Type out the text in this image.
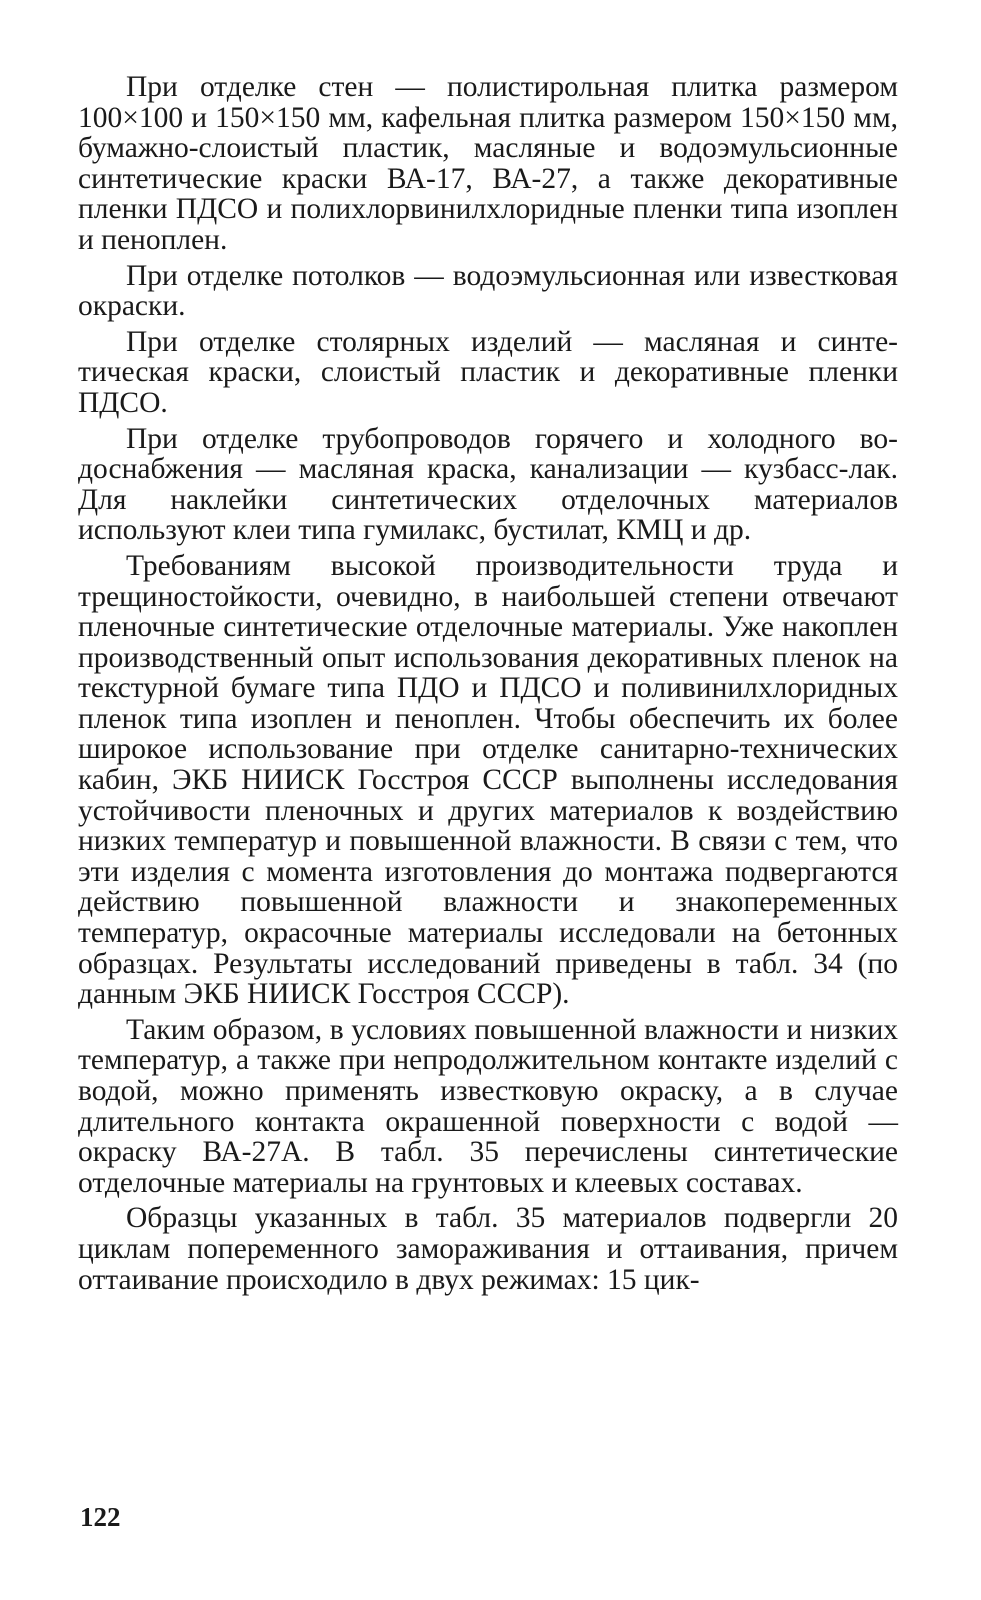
При отделке стен — полистирольная плитка размером 100×100 и 150×150 мм, кафельная плитка размером 150×150 мм, бумажно-слоистый пластик, масляные и водоэмульсионные синтетические краски ВА-17, ВА-27, а также декоративные пленки ПДСО и полихлорвинилхлоридные пленки типа изоплен и пеноплен.

При отделке потолков — водоэмульсионная или известковая окраски.

При отделке столярных изделий — масляная и синтетическая краски, слоистый пластик и декоративные пленки ПДСО.

При отделке трубопроводов горячего и холодного водоснабжения — масляная краска, канализации — кузбасс-лак. Для наклейки синтетических отделочных материалов используют клеи типа гумилакс, бустилат, КМЦ и др.

Требованиям высокой производительности труда и трещиностойкости, очевидно, в наибольшей степени отвечают пленочные синтетические отделочные материалы. Уже накоплен производственный опыт использования декоративных пленок на текстурной бумаге типа ПДО и ПДСО и поливинилхлоридных пленок типа изоплен и пеноплен. Чтобы обеспечить их более широкое использование при отделке санитарно-технических кабин, ЭКБ НИИСК Госстроя СССР выполнены исследования устойчивости пленочных и других материалов к воздействию низких температур и повышенной влажности. В связи с тем, что эти изделия с момента изготовления до монтажа подвергаются действию повышенной влажности и знакопеременных температур, окрасочные материалы исследовали на бетонных образцах. Результаты исследований приведены в табл. 34 (по данным ЭКБ НИИСК Госстроя СССР).

Таким образом, в условиях повышенной влажности и низких температур, а также при непродолжительном контакте изделий с водой, можно применять известковую окраску, а в случае длительного контакта окрашенной поверхности с водой — окраску ВА-27А. В табл. 35 перечислены синтетические отделочные материалы на грунтовых и клеевых составах.

Образцы указанных в табл. 35 материалов подвергли 20 циклам попеременного замораживания и оттаивания, причем оттаивание происходило в двух режимах: 15 цик-

122
